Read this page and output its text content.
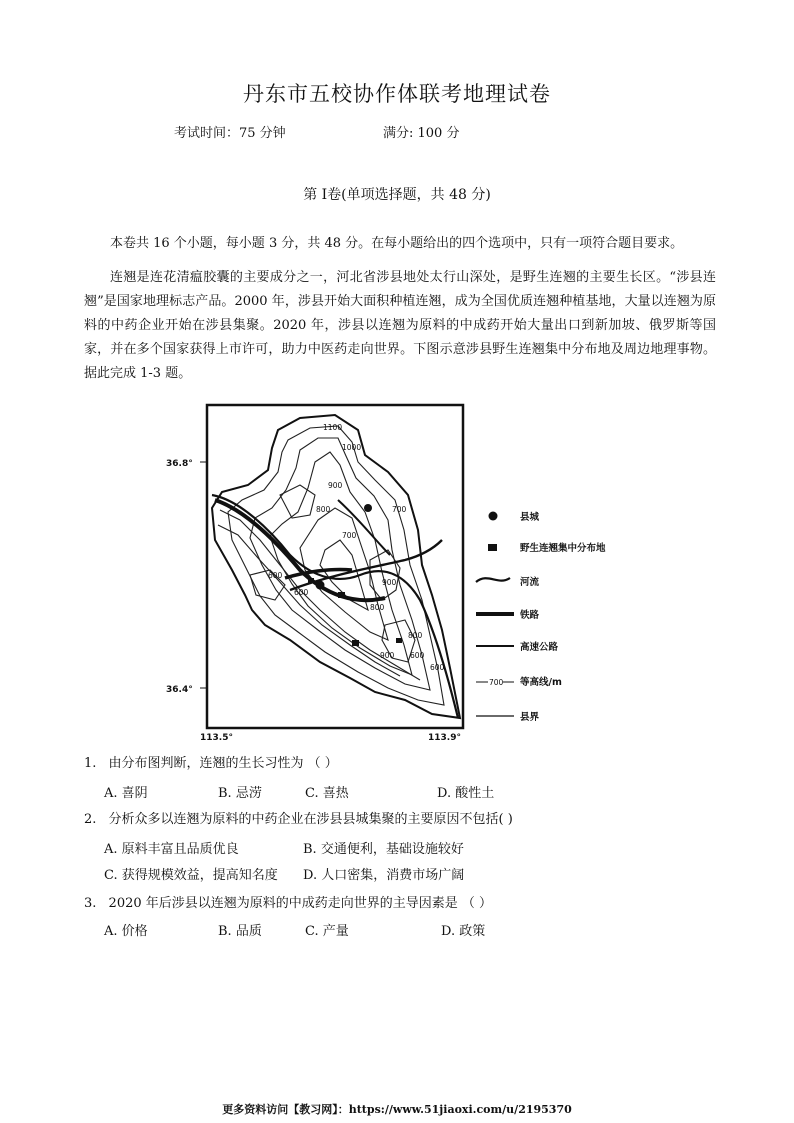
丹东市五校协作体联考地理试卷
考试时间：75 分钟	满分: 100 分
第 Ⅰ卷(单项选择题，共 48 分)
本卷共 16 个小题，每小题 3 分，共 48 分。在每小题给出的四个选项中，只有一项符合题目要求。
连翘是连花清瘟胶囊的主要成分之一，河北省涉县地处太行山深处，是野生连翘的主要生长区。“涉县连翘”是国家地理标志产品。2000 年，涉县开始大面积种植连翘，成为全国优质连翘种植基地，大量以连翘为原料的中药企业开始在涉县集聚。2020 年，涉县以连翘为原料的中成药开始大量出口到新加坡、俄罗斯等国家，并在多个国家获得上市许可，助力中医药走向世界。下图示意涉县野生连翘集中分布地及周边地理事物。据此完成 1-3 题。
1100
1000
900
800	700
700
600
600
900
800
800
600
600
900
36.8°
36.4°
113.5°	113.9°
县城
野生连翘集中分布地
河流
铁路
高速公路
700 等高线/m
县界
1. 由分布图判断，连翘的生长习性为 （ ）
A. 喜阴	B. 忌涝	C. 喜热	D. 酸性土
2. 分析众多以连翘为原料的中药企业在涉县县城集聚的主要原因不包括( )
A. 原料丰富且品质优良	B. 交通便利，基础设施较好
C. 获得规模效益，提高知名度 D. 人口密集，消费市场广阔
3. 2020 年后涉县以连翘为原料的中成药走向世界的主导因素是 （ ）
A. 价格	B. 品质	C. 产量	D. 政策
更多资料访问【教习网】：https://www.51jiaoxi.com/u/2195370
